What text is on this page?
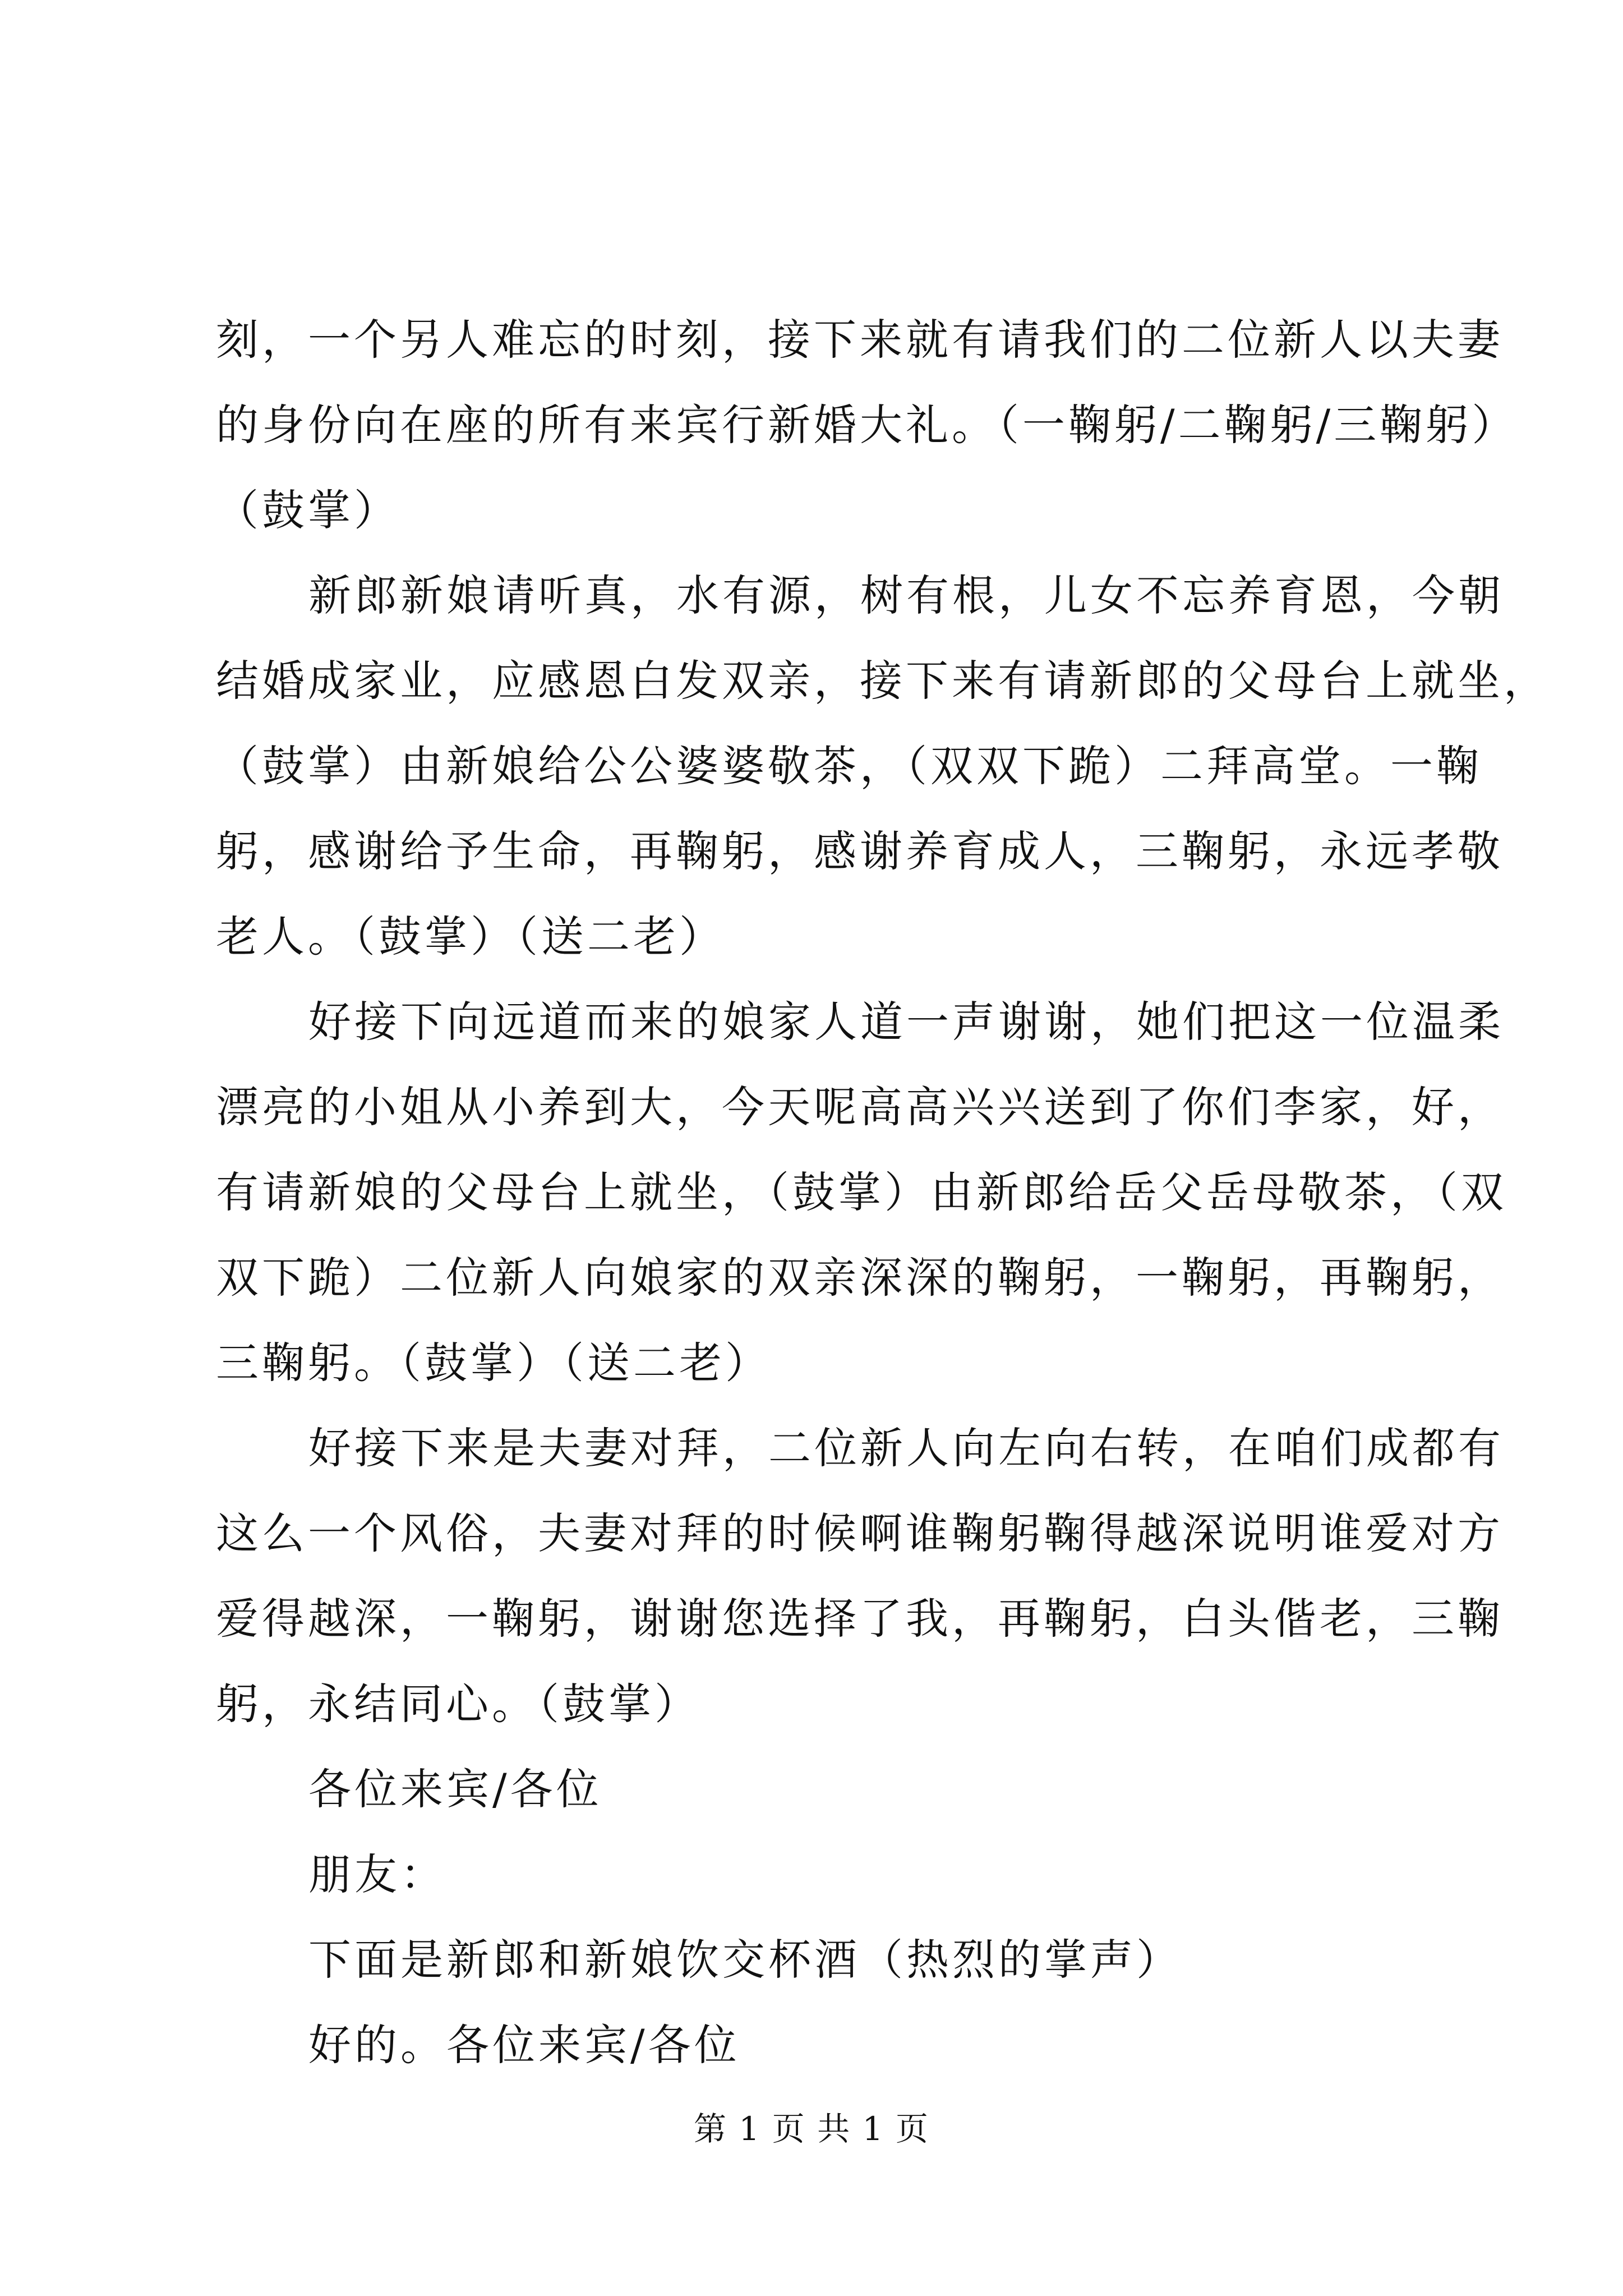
刻，一个另人难忘的时刻，接下来就有请我们的二位新人以夫妻

的身份向在座的所有来宾行新婚大礼。（一鞠躬/二鞠躬/三鞠躬）

（鼓掌）

新郎新娘请听真，水有源，树有根，儿女不忘养育恩，今朝

结婚成家业，应感恩白发双亲，接下来有请新郎的父母台上就坐，

（鼓掌）由新娘给公公婆婆敬茶，（双双下跪）二拜高堂。一鞠

躬，感谢给予生命，再鞠躬，感谢养育成人，三鞠躬，永远孝敬

老人。（鼓掌）（送二老）

好接下向远道而来的娘家人道一声谢谢，她们把这一位温柔

漂亮的小姐从小养到大，今天呢高高兴兴送到了你们李家，好，

有请新娘的父母台上就坐，（鼓掌）由新郎给岳父岳母敬茶，（双

双下跪）二位新人向娘家的双亲深深的鞠躬，一鞠躬，再鞠躬，

三鞠躬。（鼓掌）（送二老）

好接下来是夫妻对拜，二位新人向左向右转，在咱们成都有

这么一个风俗，夫妻对拜的时候啊谁鞠躬鞠得越深说明谁爱对方

爱得越深，一鞠躬，谢谢您选择了我，再鞠躬，白头偕老，三鞠

躬，永结同心。（鼓掌）

各位来宾/各位

朋友：

下面是新郎和新娘饮交杯酒（热烈的掌声）

好的。各位来宾/各位

第 1 页 共 1 页
